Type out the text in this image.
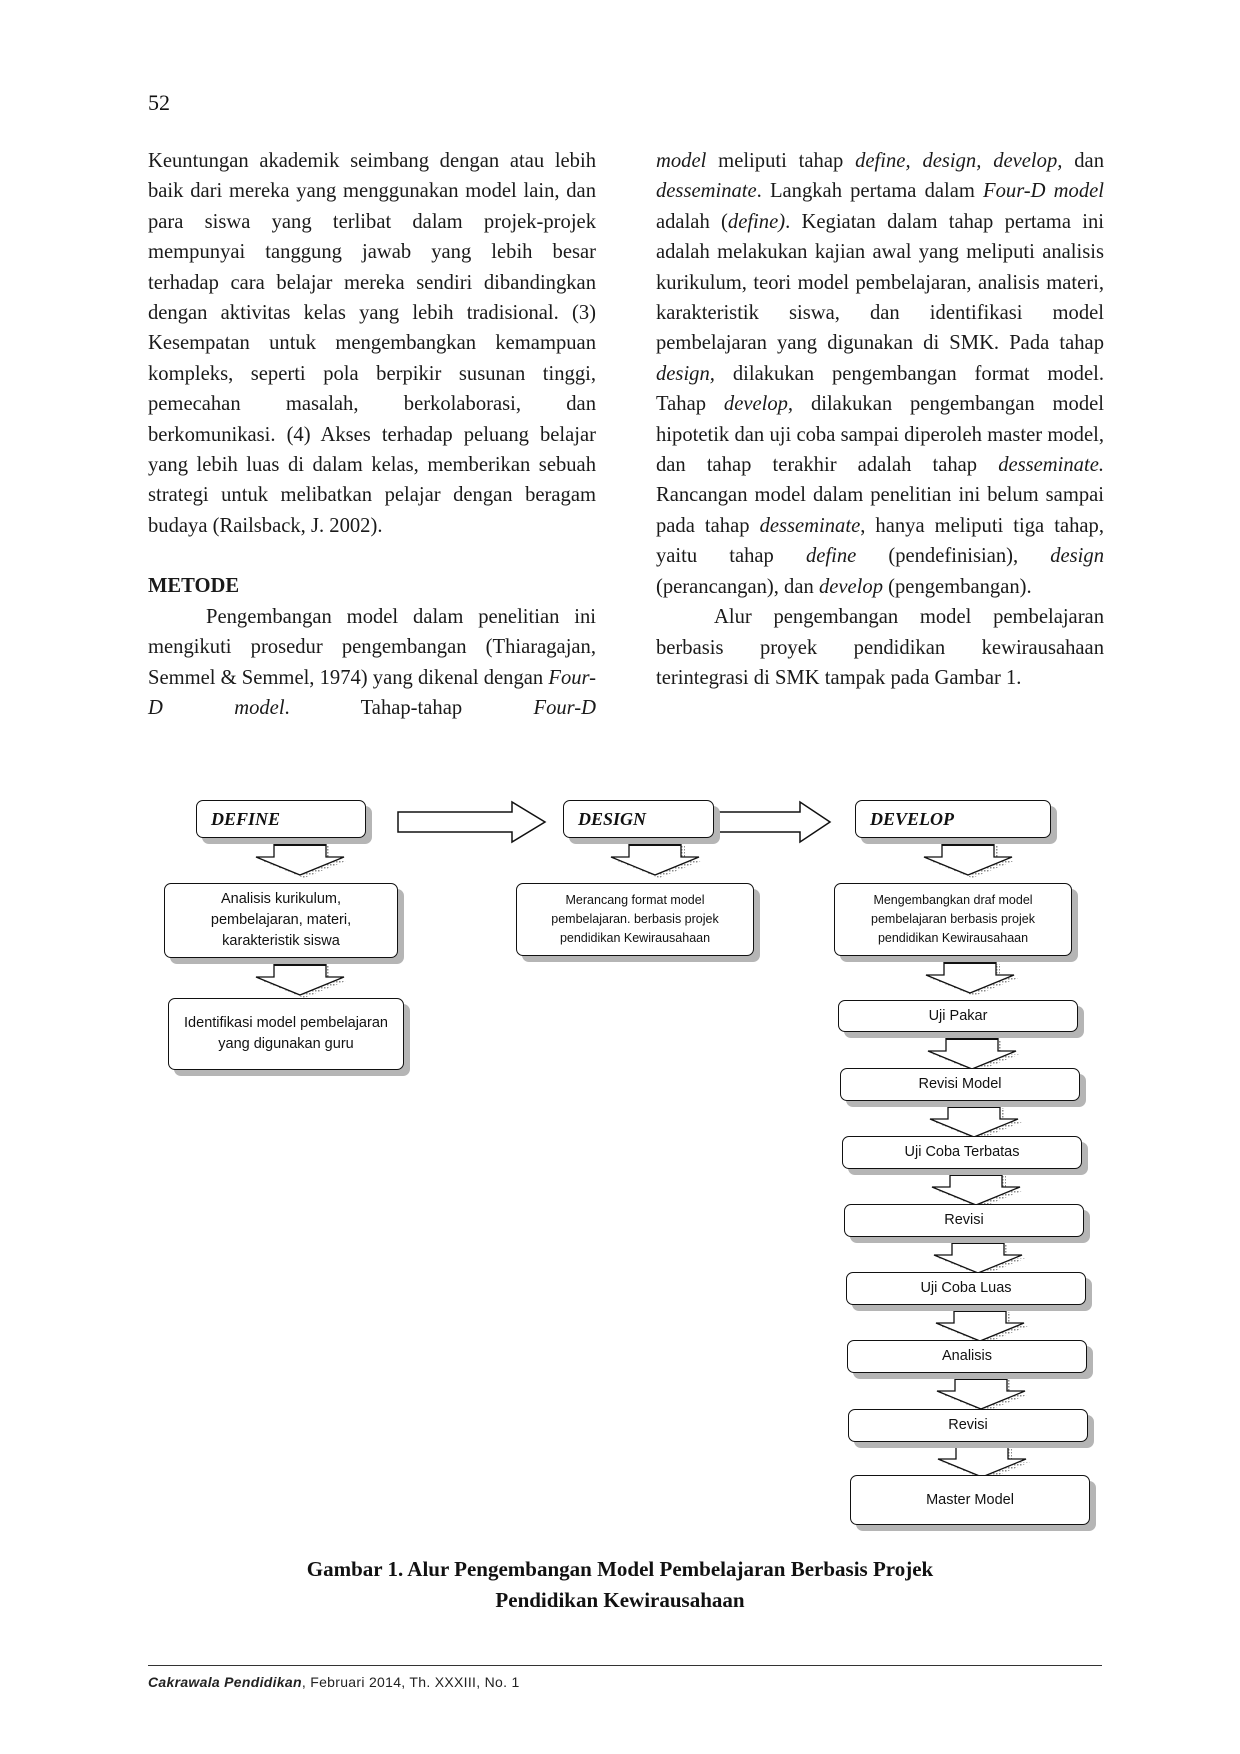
52

Keuntungan akademik seimbang dengan atau lebih baik dari mereka yang menggunakan model lain, dan para siswa yang terlibat dalam projek-projek mempunyai tanggung jawab yang lebih besar terhadap cara belajar mereka sendiri dibandingkan dengan aktivitas kelas yang lebih tradisional. (3) Kesempatan untuk mengembangkan kemampuan kompleks, seperti pola berpikir susunan tinggi, pemecahan masalah, berkolaborasi, dan berkomunikasi. (4) Akses terhadap peluang belajar yang lebih luas di dalam kelas, memberikan sebuah strategi untuk melibatkan pelajar dengan beragam budaya (Railsback, J. 2002).

METODE

Pengembangan model dalam penelitian ini mengikuti prosedur pengembangan (Thiaragajan, Semmel & Semmel, 1974) yang dikenal dengan Four-D model. Tahap-tahap Four-D

model meliputi tahap define, design, develop, dan desseminate. Langkah pertama dalam Four-D model adalah (define). Kegiatan dalam tahap pertama ini adalah melakukan kajian awal yang meliputi analisis kurikulum, teori model pembelajaran, analisis materi, karakteristik siswa, dan identifikasi model pembelajaran yang digunakan di SMK. Pada tahap design, dilakukan pengembangan format model. Tahap develop, dilakukan pengembangan model hipotetik dan uji coba sampai diperoleh master model, dan tahap terakhir adalah tahap desseminate. Rancangan model dalam penelitian ini belum sampai pada tahap desseminate, hanya meliputi tiga tahap, yaitu tahap define (pendefinisian), design (perancangan), dan develop (pengembangan).

Alur pengembangan model pembelajaran berbasis proyek pendidikan kewirausahaan terintegrasi di SMK tampak pada Gambar 1.

DEFINE	DESIGN	DEVELOP
Analisis kurikulum, pembelajaran, materi, karakteristik siswa
Identifikasi model pembelajaran yang digunakan guru
Merancang format model pembelajaran. berbasis projek pendidikan Kewirausahaan
Mengembangkan draf model pembelajaran berbasis projek pendidikan Kewirausahaan
Uji Pakar
Revisi Model
Uji Coba Terbatas
Revisi
Uji Coba Luas
Analisis
Revisi
Master Model
Gambar 1. Alur Pengembangan Model Pembelajaran Berbasis Projek
Pendidikan Kewirausahaan
Cakrawala Pendidikan, Februari 2014, Th. XXXIII, No. 1
